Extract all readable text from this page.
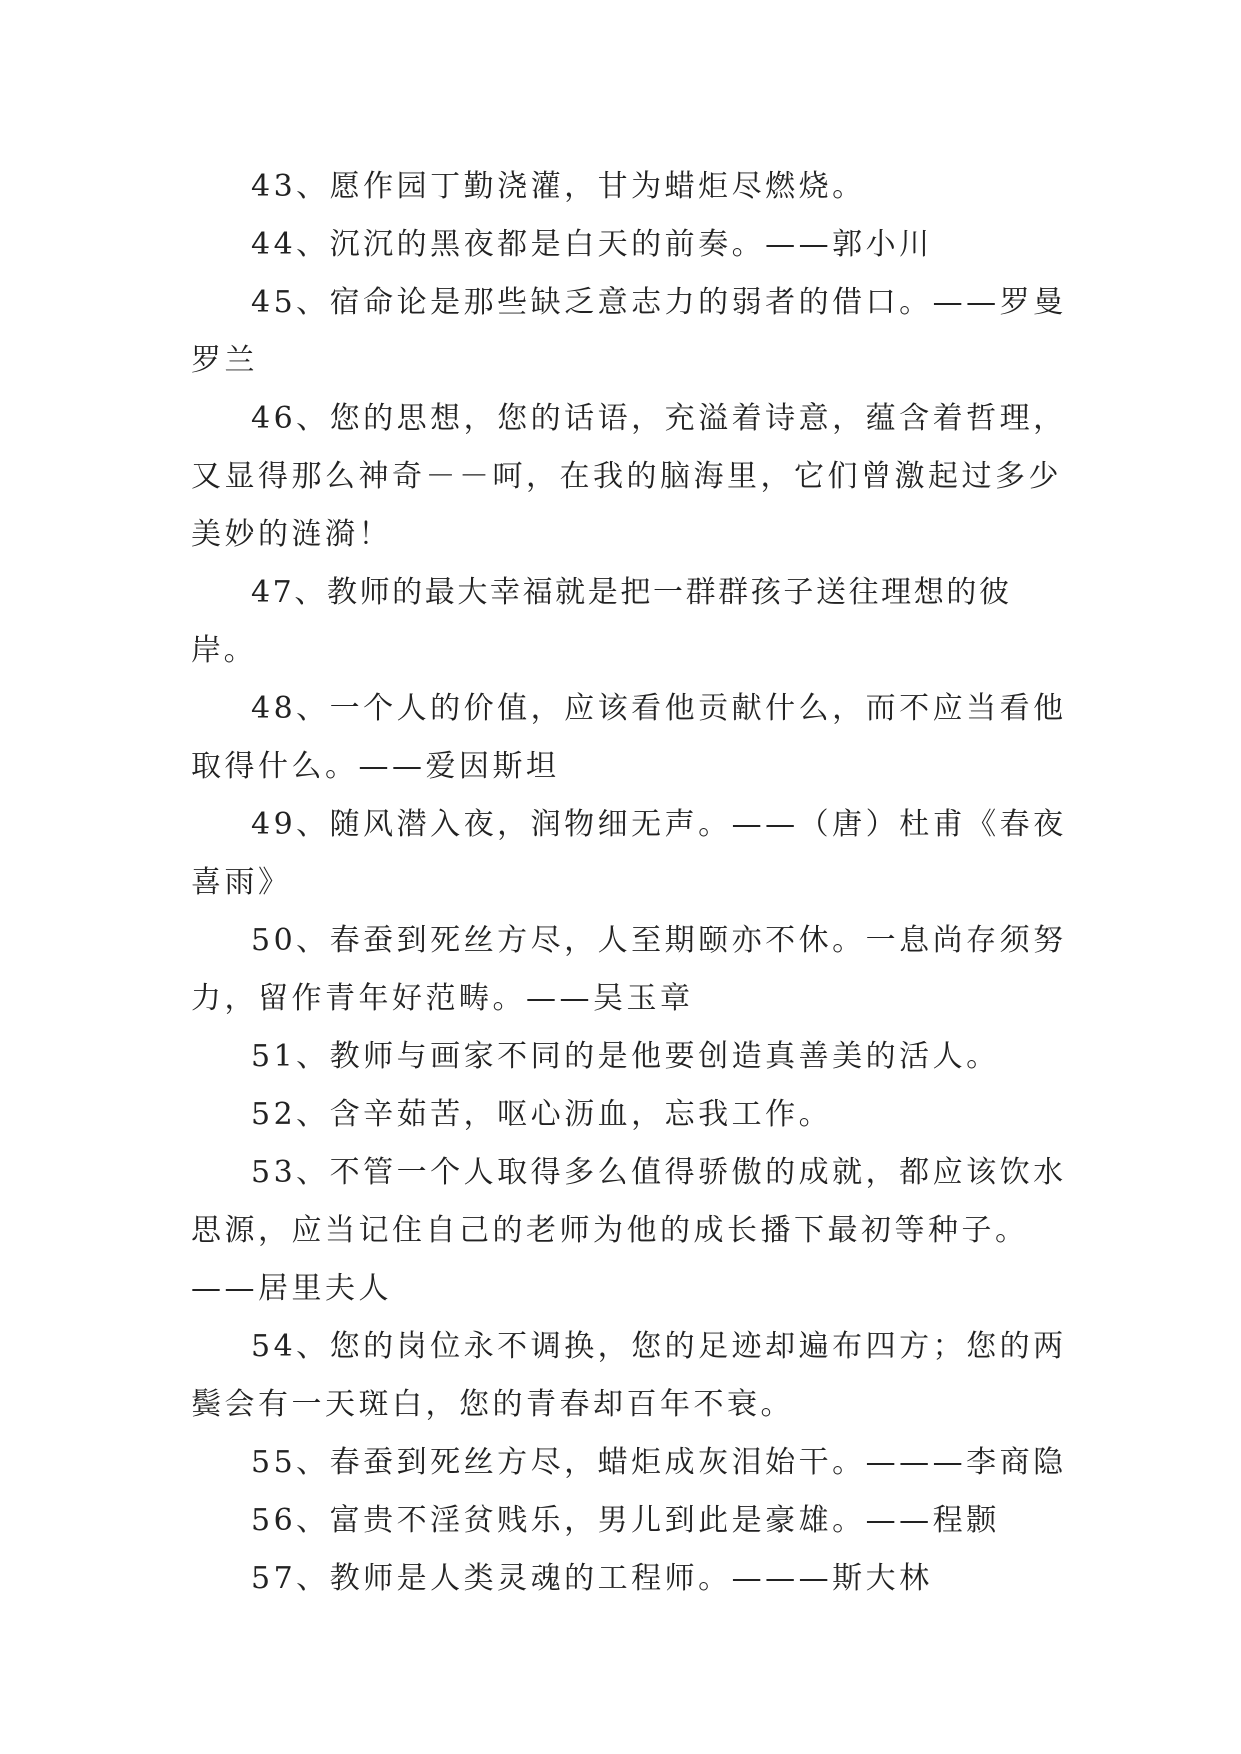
43、愿作园丁勤浇灌，甘为蜡炬尽燃烧。

44、沉沉的黑夜都是白天的前奏。——郭小川

45、宿命论是那些缺乏意志力的弱者的借口。——罗曼罗兰

46、您的思想，您的话语，充溢着诗意，蕴含着哲理，又显得那么神奇－－呵，在我的脑海里，它们曾激起过多少美妙的涟漪！

47、教师的最大幸福就是把一群群孩子送往理想的彼岸。

48、一个人的价值，应该看他贡献什么，而不应当看他取得什么。——爱因斯坦

49、随风潜入夜，润物细无声。——（唐）杜甫《春夜喜雨》

50、春蚕到死丝方尽，人至期颐亦不休。一息尚存须努力，留作青年好范畴。——吴玉章

51、教师与画家不同的是他要创造真善美的活人。

52、含辛茹苦，呕心沥血，忘我工作。

53、不管一个人取得多么值得骄傲的成就，都应该饮水思源，应当记住自己的老师为他的成长播下最初等种子。——居里夫人

54、您的岗位永不调换，您的足迹却遍布四方；您的两鬓会有一天斑白，您的青春却百年不衰。

55、春蚕到死丝方尽，蜡炬成灰泪始干。———李商隐

56、富贵不淫贫贱乐，男儿到此是豪雄。——程颢

57、教师是人类灵魂的工程师。———斯大林
